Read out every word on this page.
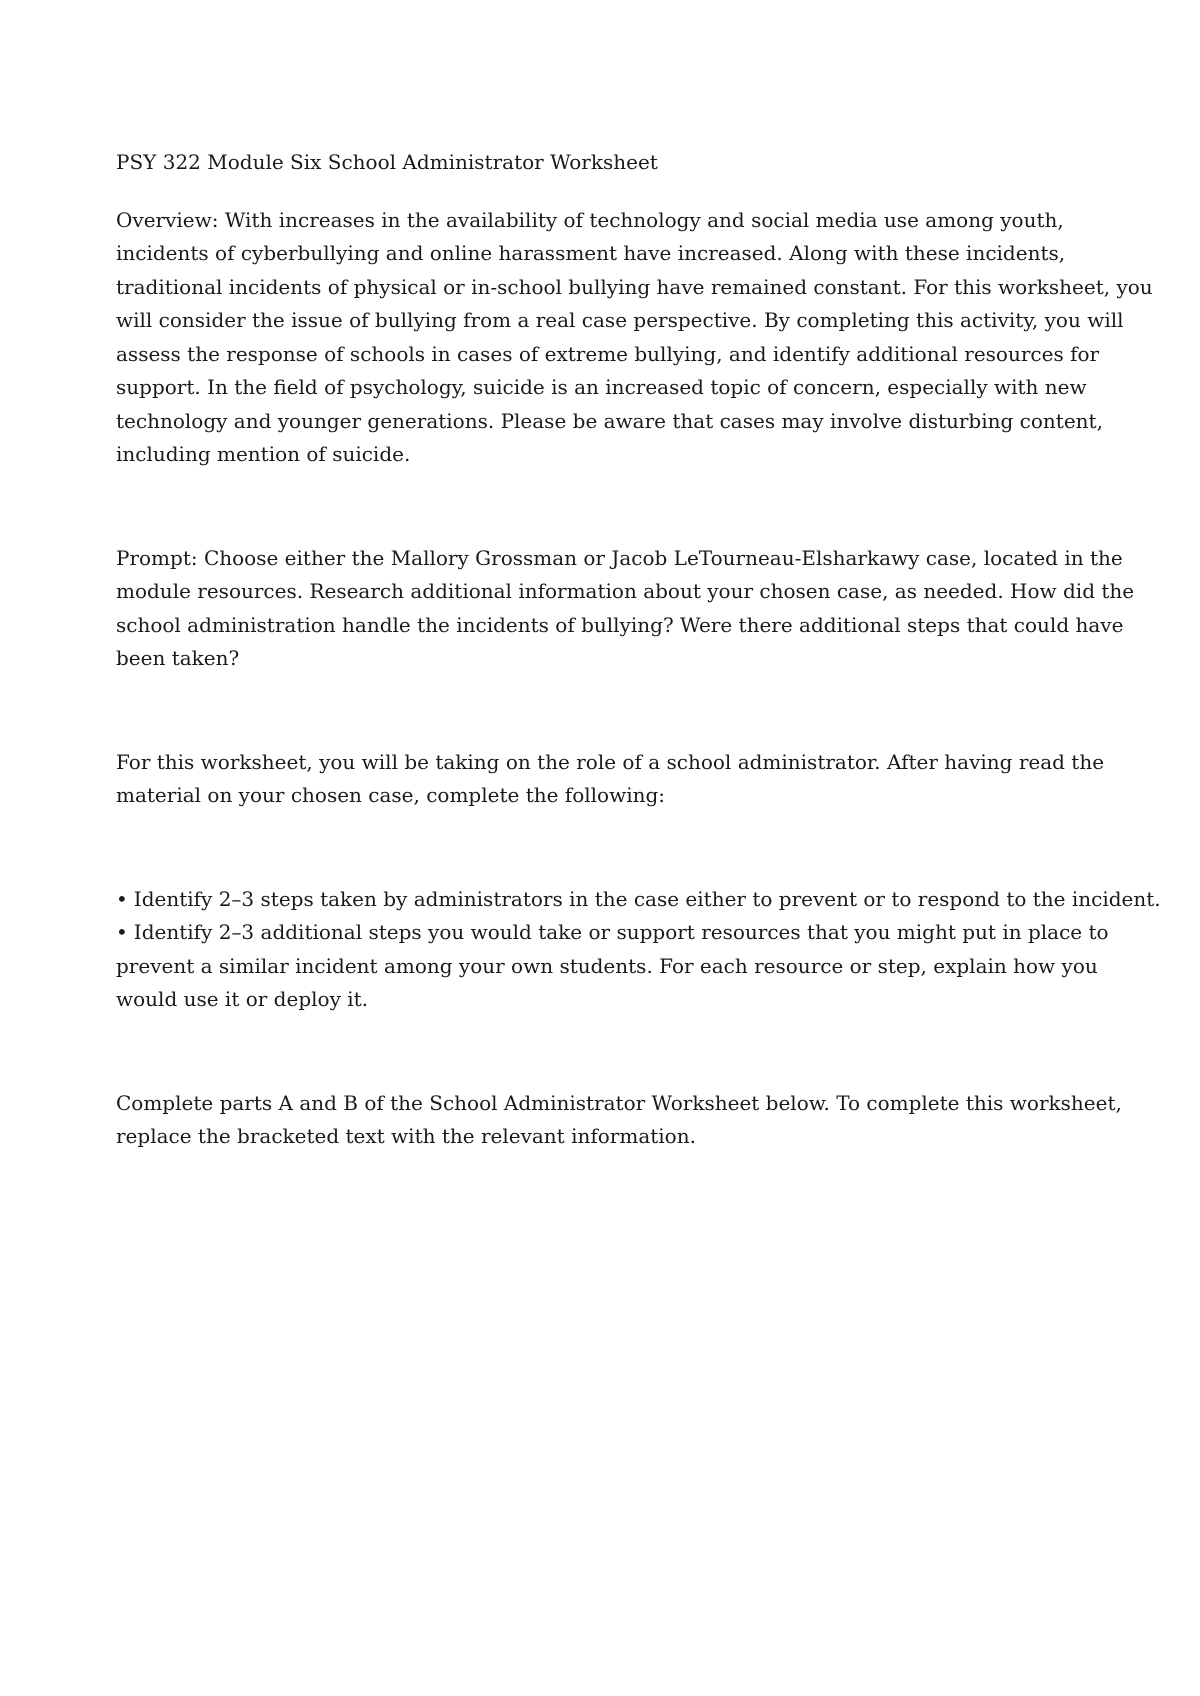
PSY 322 Module Six School Administrator Worksheet

Overview: With increases in the availability of technology and social media use among youth, incidents of cyberbullying and online harassment have increased. Along with these incidents, traditional incidents of physical or in-school bullying have remained constant. For this worksheet, you will consider the issue of bullying from a real case perspective. By completing this activity, you will assess the response of schools in cases of extreme bullying, and identify additional resources for support. In the field of psychology, suicide is an increased topic of concern, especially with new technology and younger generations. Please be aware that cases may involve disturbing content, including mention of suicide.

Prompt: Choose either the Mallory Grossman or Jacob LeTourneau-Elsharkawy case, located in the module resources. Research additional information about your chosen case, as needed. How did the school administration handle the incidents of bullying? Were there additional steps that could have been taken?

For this worksheet, you will be taking on the role of a school administrator. After having read the material on your chosen case, complete the following:

• Identify 2–3 steps taken by administrators in the case either to prevent or to respond to the incident.
• Identify 2–3 additional steps you would take or support resources that you might put in place to prevent a similar incident among your own students. For each resource or step, explain how you would use it or deploy it.

Complete parts A and B of the School Administrator Worksheet below. To complete this worksheet, replace the bracketed text with the relevant information.
